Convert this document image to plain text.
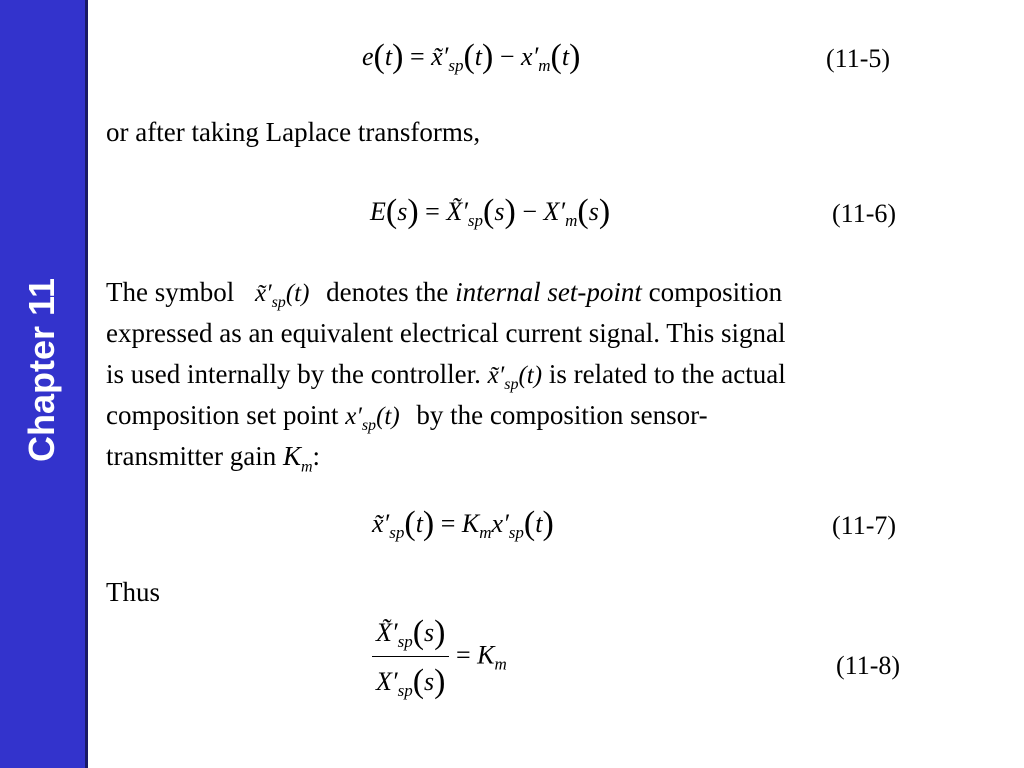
Chapter 11
$e(t) = x̃'_{sp}(t) - x'_m(t)$	(11-5)
or after taking Laplace transforms,
$E(s) = X̃'_{sp}(s) - X'_m(s)$	(11-6)
The symbol $x̃'_{sp}(t)$ denotes the internal set-point composition
expressed as an equivalent electrical current signal. This signal
is used internally by the controller. $x̃'_{sp}(t)$ is related to the actual
composition set point $x'_{sp}(t)$ by the composition sensor-
transmitter gain $K_m$:
$x̃'_{sp}(t) = K_mx'_{sp}(t)$	(11-7)
Thus
$\frac{X̃'_{sp}(s)}{X'_{sp}(s)} = K_m$	(11-8)
